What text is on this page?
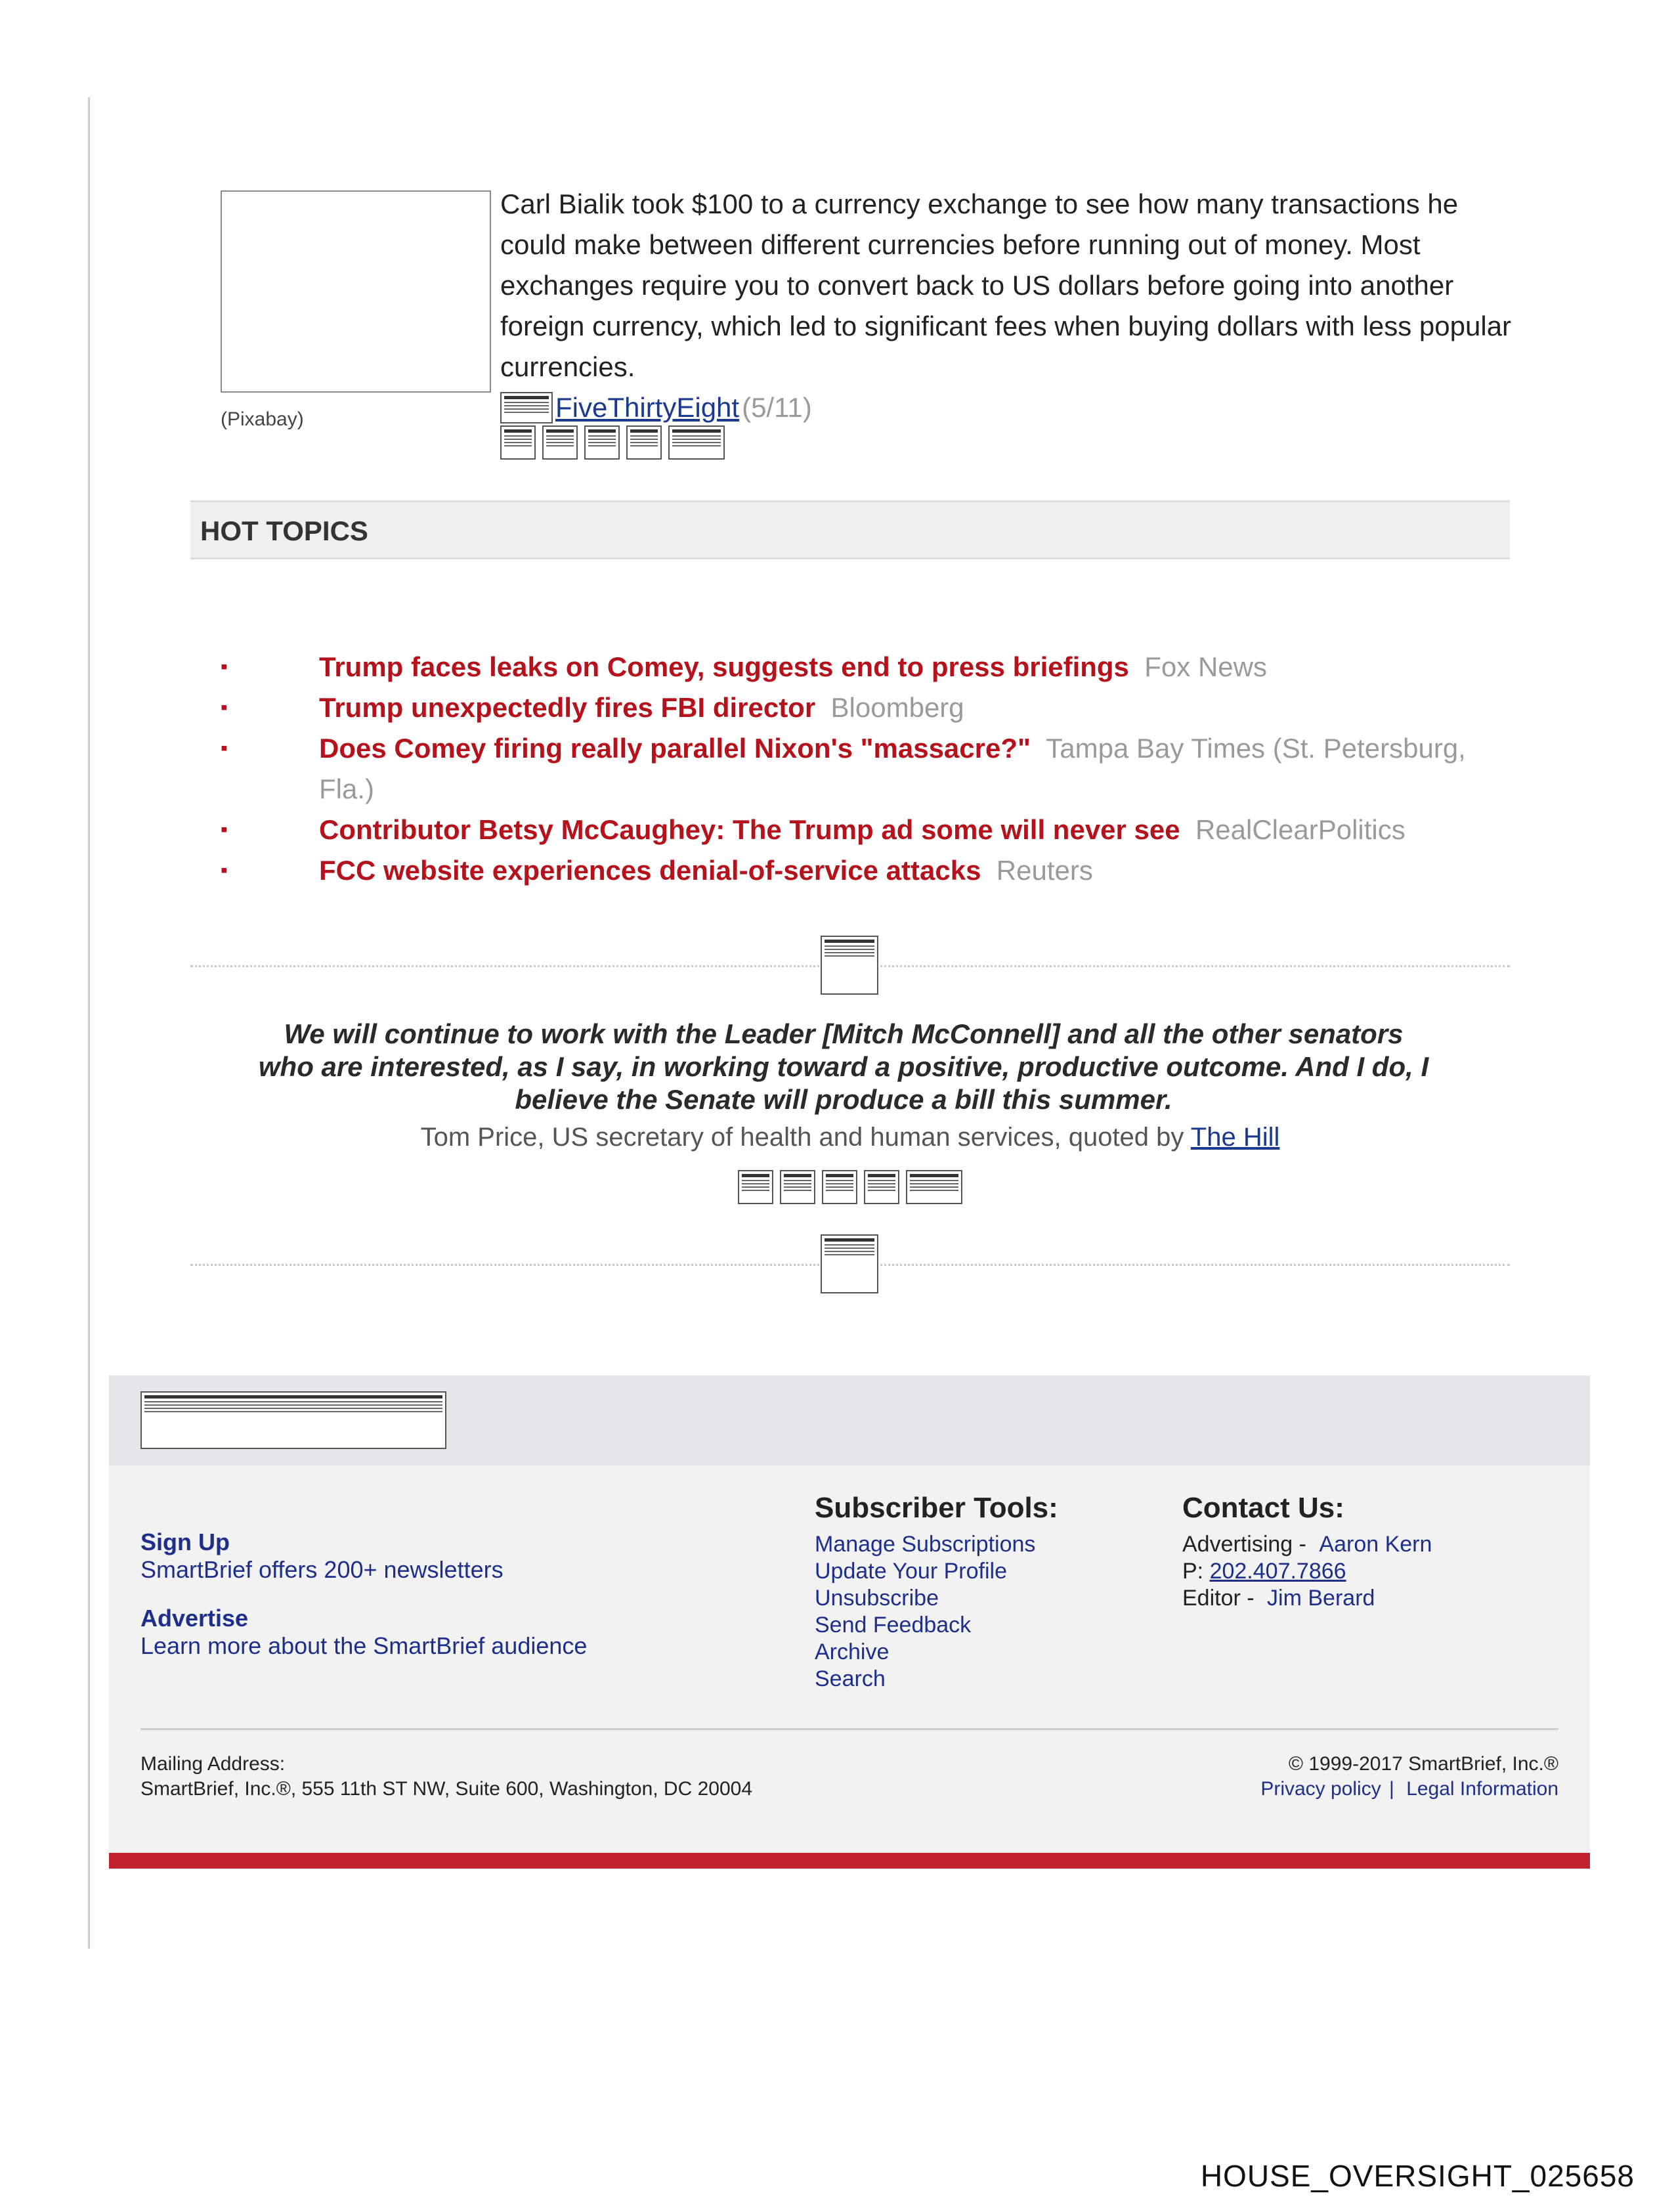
(Pixabay)
Carl Bialik took $100 to a currency exchange to see how many transactions he could make between different currencies before running out of money. Most exchanges require you to convert back to US dollars before going into another foreign currency, which led to significant fees when buying dollars with less popular currencies.

FiveThirtyEight (5/11)
HOT TOPICS
▪	Trump faces leaks on Comey, suggests end to press briefings Fox News
▪	Trump unexpectedly fires FBI director Bloomberg
▪	Does Comey firing really parallel Nixon's "massacre?" Tampa Bay Times (St. Petersburg, Fla.)
▪	Contributor Betsy McCaughey: The Trump ad some will never see RealClearPolitics
▪	FCC website experiences denial-of-service attacks Reuters
We will continue to work with the Leader [Mitch McConnell] and all the other senators who are interested, as I say, in working toward a positive, productive outcome. And I do, I believe the Senate will produce a bill this summer.
Tom Price, US secretary of health and human services, quoted by The Hill
Sign Up
SmartBrief offers 200+ newsletters
Advertise
Learn more about the SmartBrief audience
Subscriber Tools:
Manage Subscriptions
Update Your Profile
Unsubscribe
Send Feedback
Archive
Search
Contact Us:
Advertising - Aaron Kern
P: 202.407.7866
Editor - Jim Berard
Mailing Address:
SmartBrief, Inc.®, 555 11th ST NW, Suite 600, Washington, DC 20004
© 1999-2017 SmartBrief, Inc.®
Privacy policy | Legal Information
HOUSE_OVERSIGHT_025658
